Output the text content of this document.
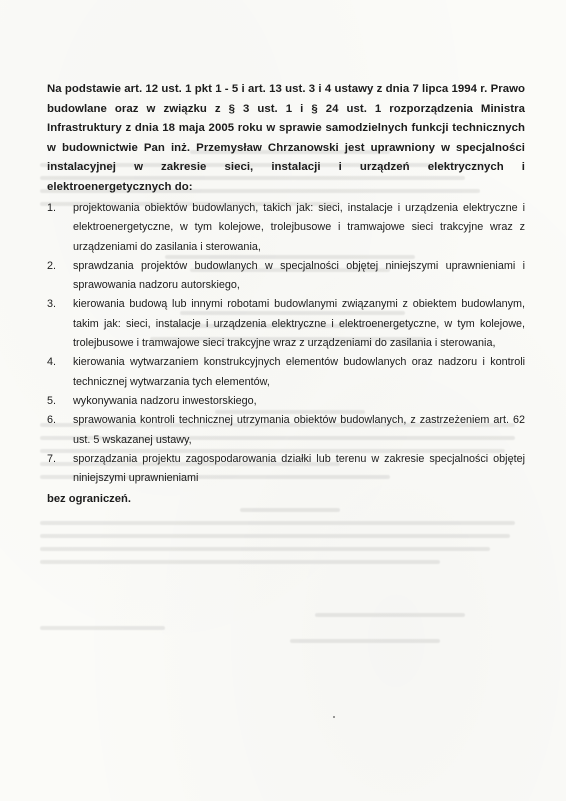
Na podstawie art. 12 ust. 1 pkt 1 - 5 i art. 13 ust. 3 i 4 ustawy z dnia 7 lipca 1994 r. Prawo budowlane oraz w związku z § 3 ust. 1 i § 24 ust. 1 rozporządzenia Ministra Infrastruktury z dnia 18 maja 2005 roku w sprawie samodzielnych funkcji technicznych w budownictwie Pan inż. Przemysław Chrzanowski jest uprawniony w specjalności instalacyjnej w zakresie sieci, instalacji i urządzeń elektrycznych i elektroenergetycznych do:

1.	projektowania obiektów budowlanych, takich jak: sieci, instalacje i urządzenia elektryczne i elektroenergetyczne, w tym kolejowe, trolejbusowe i tramwajowe sieci trakcyjne wraz z urządzeniami do zasilania i sterowania,
2.	sprawdzania projektów budowlanych w specjalności objętej niniejszymi uprawnieniami i sprawowania nadzoru autorskiego,
3.	kierowania budową lub innymi robotami budowlanymi związanymi z obiektem budowlanym, takim jak: sieci, instalacje i urządzenia elektryczne i elektroenergetyczne, w tym kolejowe, trolejbusowe i tramwajowe sieci trakcyjne wraz z urządzeniami do zasilania i sterowania,
4.	kierowania wytwarzaniem konstrukcyjnych elementów budowlanych oraz nadzoru i kontroli technicznej wytwarzania tych elementów,
5.	wykonywania nadzoru inwestorskiego,
6.	sprawowania kontroli technicznej utrzymania obiektów budowlanych, z zastrzeżeniem art. 62 ust. 5 wskazanej ustawy,
7.	sporządzania projektu zagospodarowania działki lub terenu w zakresie specjalności objętej niniejszymi uprawnieniami
bez ograniczeń.
